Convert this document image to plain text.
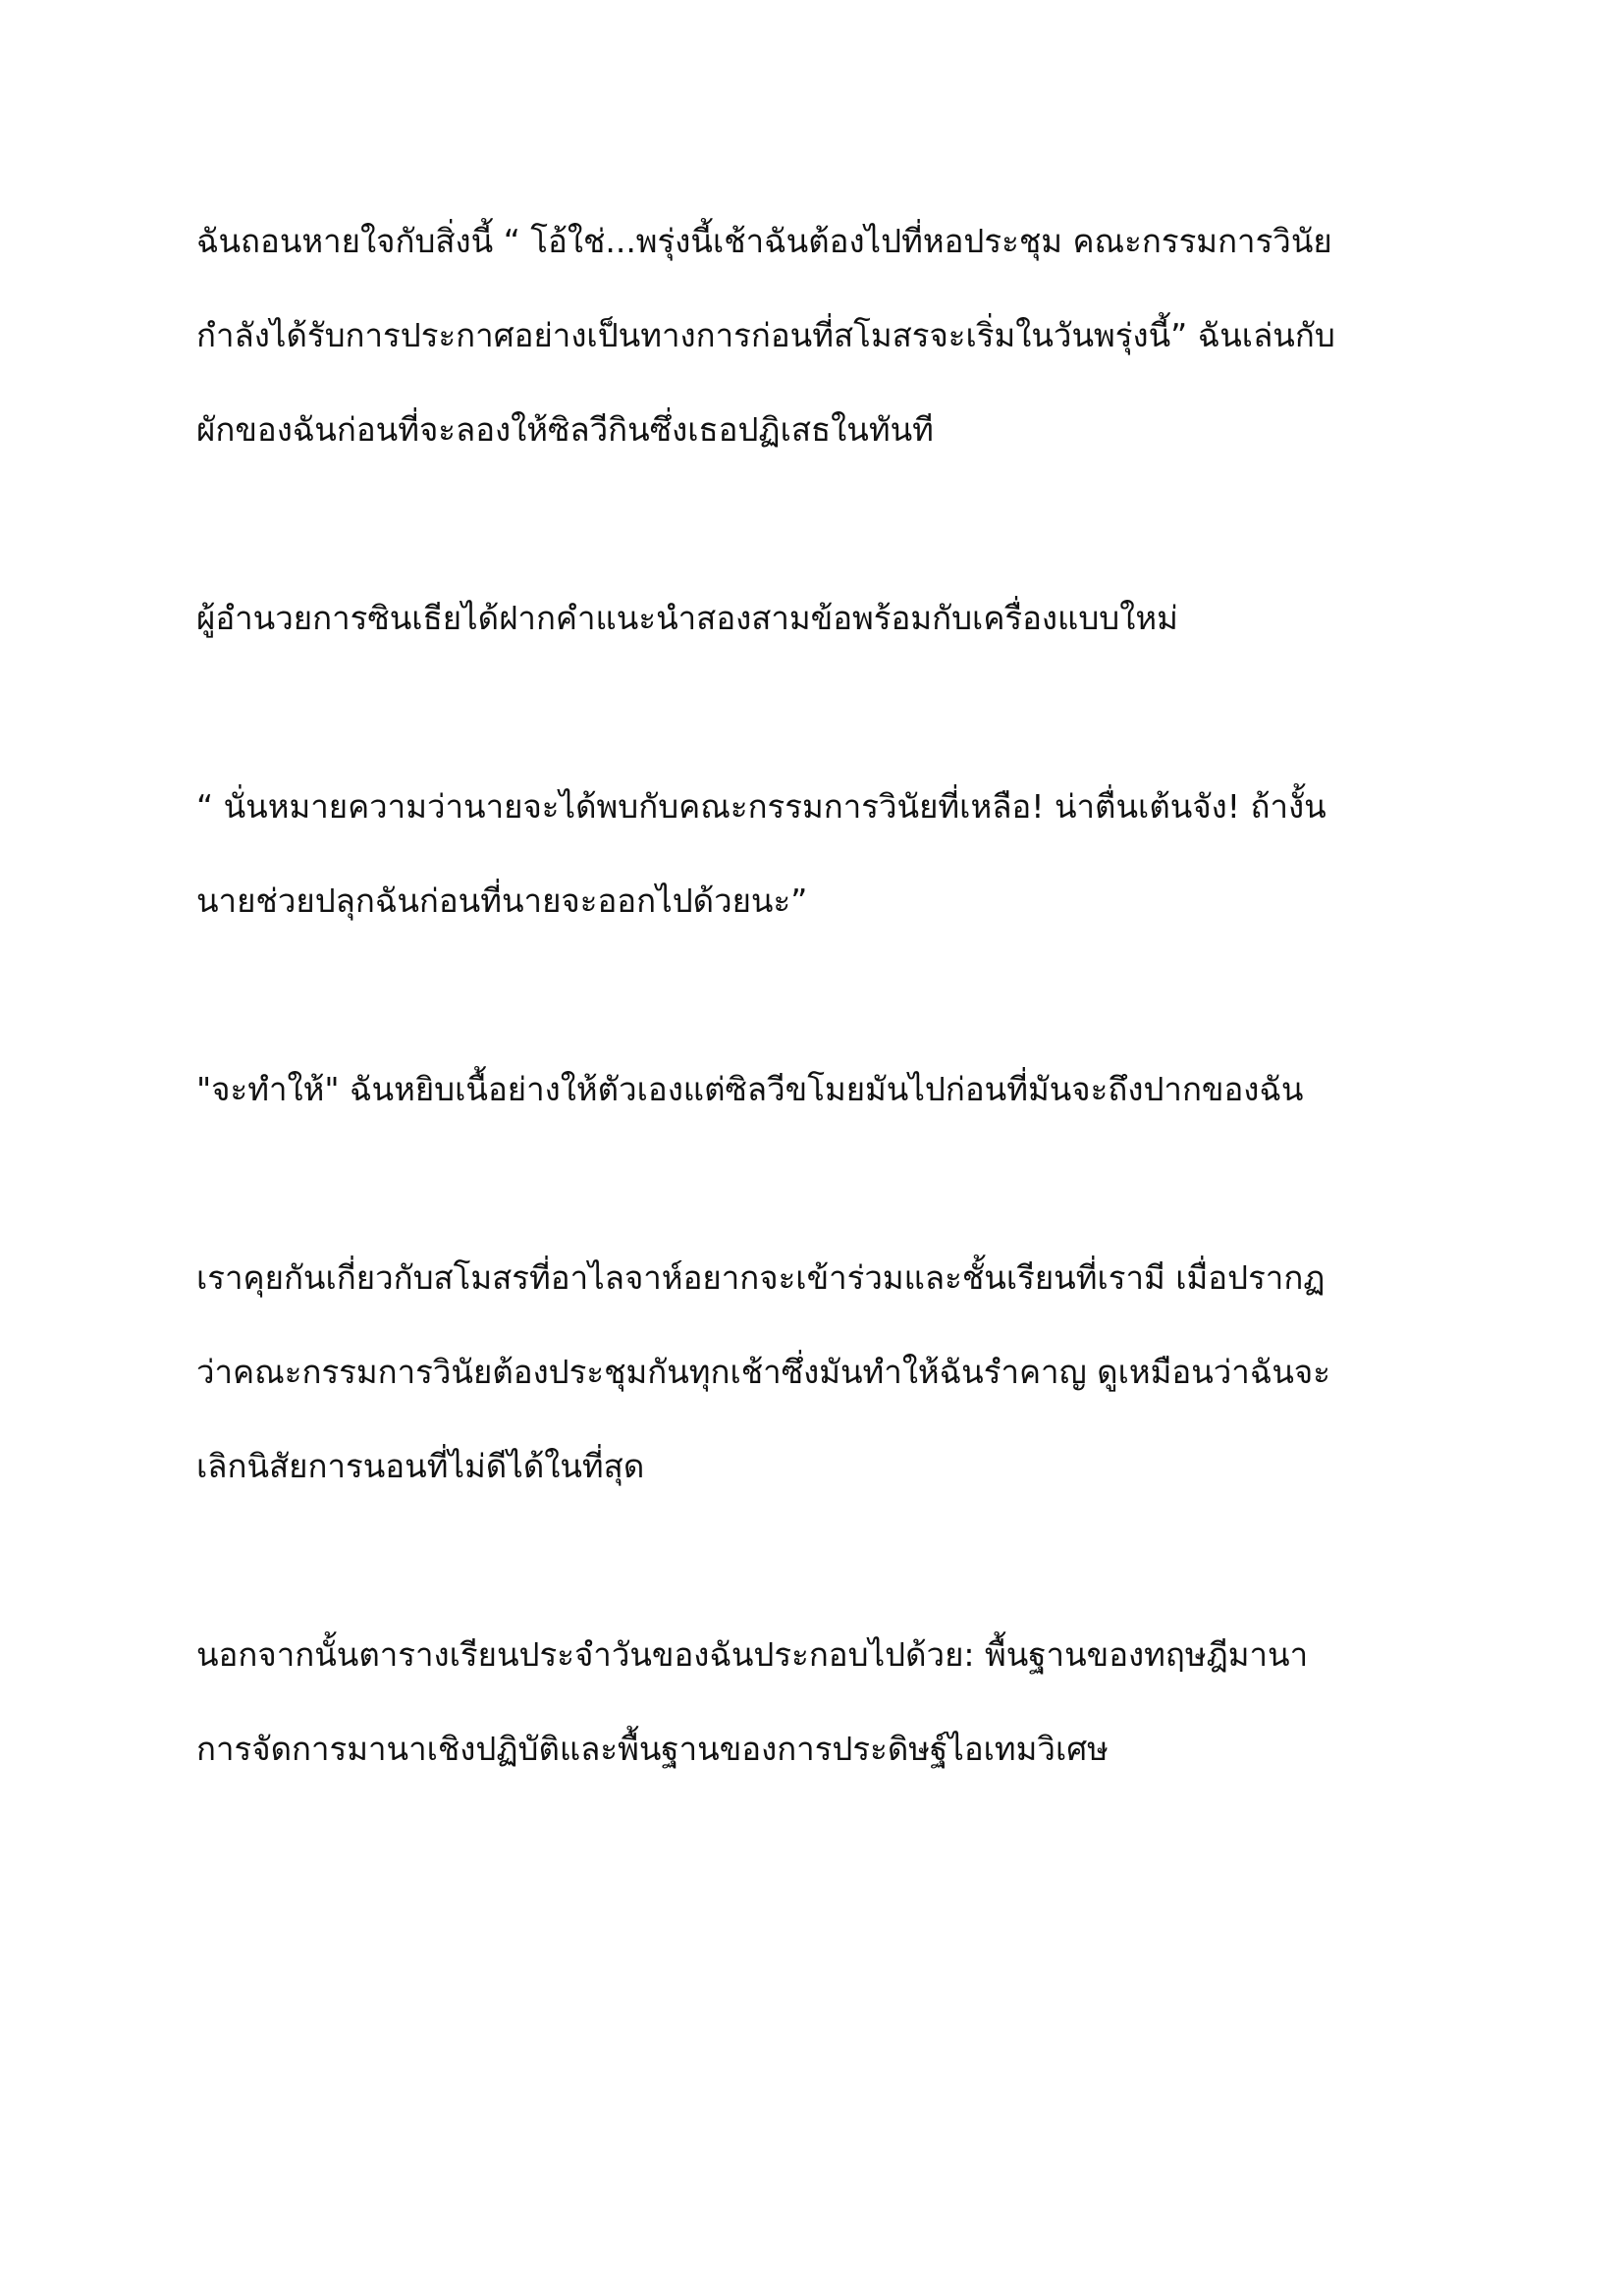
ฉันถอนหายใจกับสิ่งนี้ “ โอ้ใช่...พรุ่งนี้เช้าฉันต้องไปที่หอประชุม คณะกรรมการวินัย
กำลังได้รับการประกาศอย่างเป็นทางการก่อนที่สโมสรจะเริ่มในวันพรุ่งนี้” ฉันเล่นกับ
ผักของฉันก่อนที่จะลองให้ซิลวีกินซึ่งเธอปฏิเสธในทันที

ผู้อำนวยการซินเธียได้ฝากคำแนะนำสองสามข้อพร้อมกับเครื่องแบบใหม่

“ นั่นหมายความว่านายจะได้พบกับคณะกรรมการวินัยที่เหลือ! น่าตื่นเต้นจัง! ถ้างั้น
นายช่วยปลุกฉันก่อนที่นายจะออกไปด้วยนะ”

"จะทำให้" ฉันหยิบเนื้อย่างให้ตัวเองแต่ซิลวีขโมยมันไปก่อนที่มันจะถึงปากของฉัน

เราคุยกันเกี่ยวกับสโมสรที่อาไลจาห์อยากจะเข้าร่วมและชั้นเรียนที่เรามี เมื่อปรากฏ
ว่าคณะกรรมการวินัยต้องประชุมกันทุกเช้าซึ่งมันทำให้ฉันรำคาญ ดูเหมือนว่าฉันจะ
เลิกนิสัยการนอนที่ไม่ดีได้ในที่สุด

นอกจากนั้นตารางเรียนประจำวันของฉันประกอบไปด้วย: พื้นฐานของทฤษฎีมานา
การจัดการมานาเชิงปฏิบัติและพื้นฐานของการประดิษฐ์ไอเทมวิเศษ
